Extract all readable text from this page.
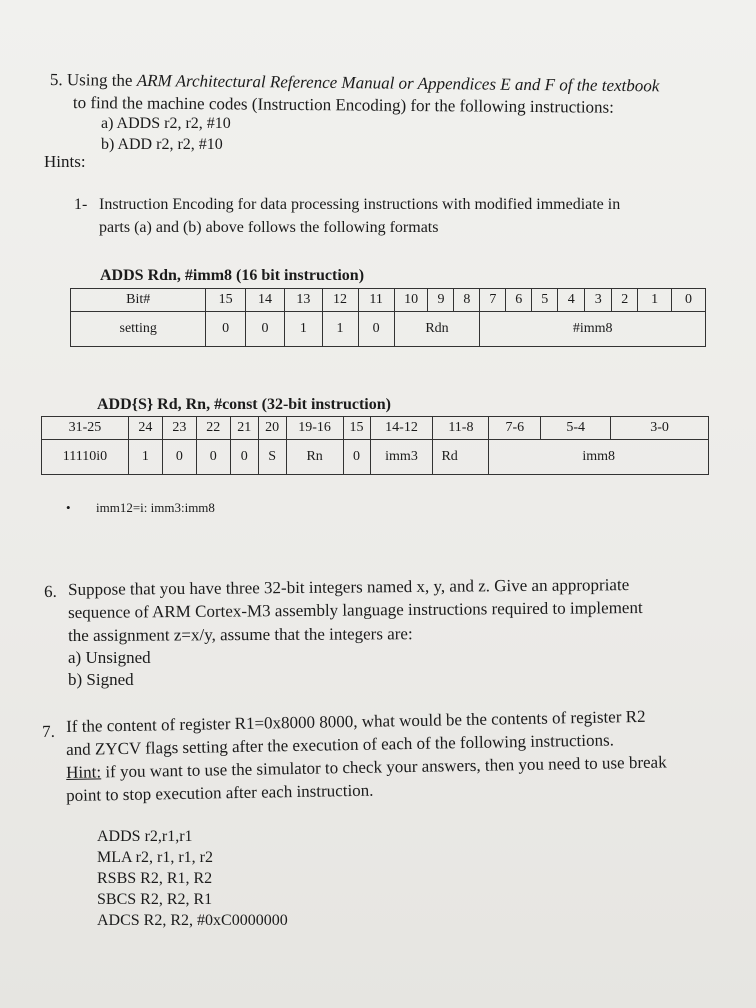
5. Using the ARM Architectural Reference Manual or Appendices E and F of the textbook
to find the machine codes (Instruction Encoding) for the following instructions:
a) ADDS r2, r2, #10
b) ADD r2, r2, #10
Hints:
1- Instruction Encoding for data processing instructions with modified immediate in
parts (a) and (b) above follows the following formats
ADDS Rdn, #imm8 (16 bit instruction)
Bit#	15	14	13	12	11	10	9	8	7	6	5	4	3	2	1	0
setting	0	0	1	1	0	Rdn			#imm8							
ADD{S} Rd, Rn, #const (32-bit instruction)
31-25	24	23	22	21	20	19-16	15	14-12	11-8	7-6	5-4	3-0
11110i0	1	0	0	0	S	Rn	0	imm3	Rd	imm8		
• imm12=i: imm3:imm8
6. Suppose that you have three 32-bit integers named x, y, and z. Give an appropriate
sequence of ARM Cortex-M3 assembly language instructions required to implement
the assignment z=x/y, assume that the integers are:
a) Unsigned
b) Signed
7. If the content of register R1=0x8000 8000, what would be the contents of register R2
and ZYCV flags setting after the execution of each of the following instructions.
Hint: if you want to use the simulator to check your answers, then you need to use break
point to stop execution after each instruction.
ADDS r2,r1,r1
MLA r2, r1, r1, r2
RSBS R2, R1, R2
SBCS R2, R2, R1
ADCS R2, R2, #0xC0000000
